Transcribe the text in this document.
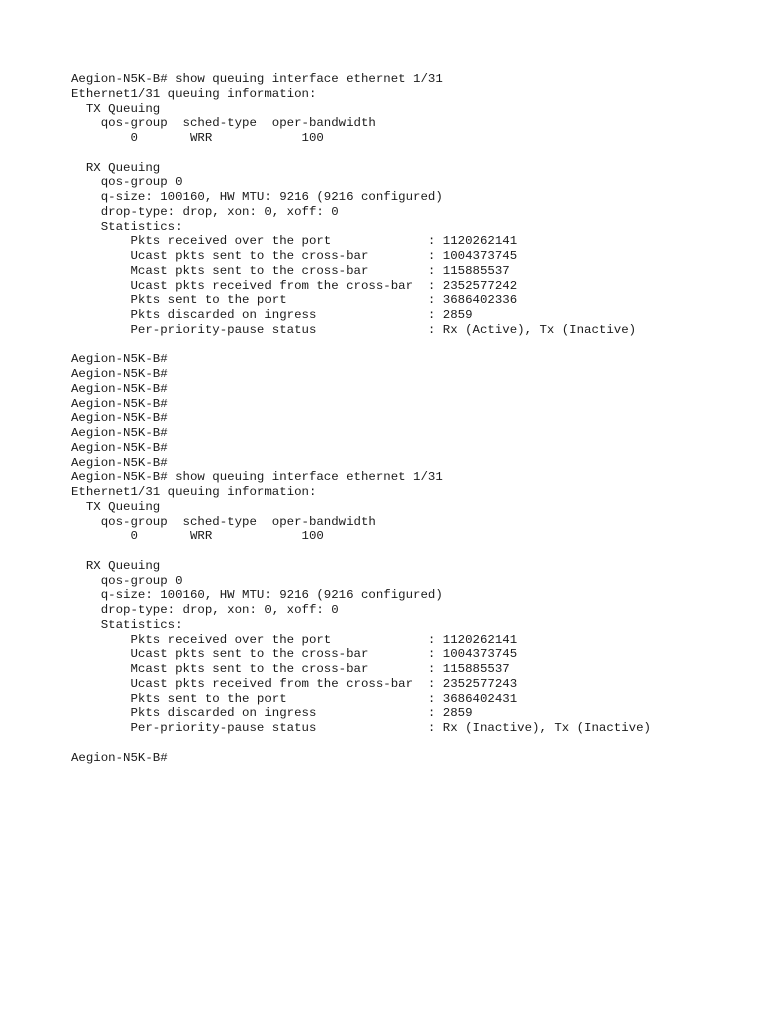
Aegion-N5K-B# show queuing interface ethernet 1/31
Ethernet1/31 queuing information:
TX Queuing
qos-group  sched-type  oper-bandwidth
0       WRR            100
RX Queuing
qos-group 0
q-size: 100160, HW MTU: 9216 (9216 configured)
drop-type: drop, xon: 0, xoff: 0
Statistics:
Pkts received over the port             : 1120262141
Ucast pkts sent to the cross-bar        : 1004373745
Mcast pkts sent to the cross-bar        : 115885537
Ucast pkts received from the cross-bar  : 2352577242
Pkts sent to the port                   : 3686402336
Pkts discarded on ingress               : 2859
Per-priority-pause status               : Rx (Active), Tx (Inactive)
Aegion-N5K-B#
Aegion-N5K-B#
Aegion-N5K-B#
Aegion-N5K-B#
Aegion-N5K-B#
Aegion-N5K-B#
Aegion-N5K-B#
Aegion-N5K-B#
Aegion-N5K-B# show queuing interface ethernet 1/31
Ethernet1/31 queuing information:
TX Queuing
qos-group  sched-type  oper-bandwidth
0       WRR            100
RX Queuing
qos-group 0
q-size: 100160, HW MTU: 9216 (9216 configured)
drop-type: drop, xon: 0, xoff: 0
Statistics:
Pkts received over the port             : 1120262141
Ucast pkts sent to the cross-bar        : 1004373745
Mcast pkts sent to the cross-bar        : 115885537
Ucast pkts received from the cross-bar  : 2352577243
Pkts sent to the port                   : 3686402431
Pkts discarded on ingress               : 2859
Per-priority-pause status               : Rx (Inactive), Tx (Inactive)
Aegion-N5K-B#
